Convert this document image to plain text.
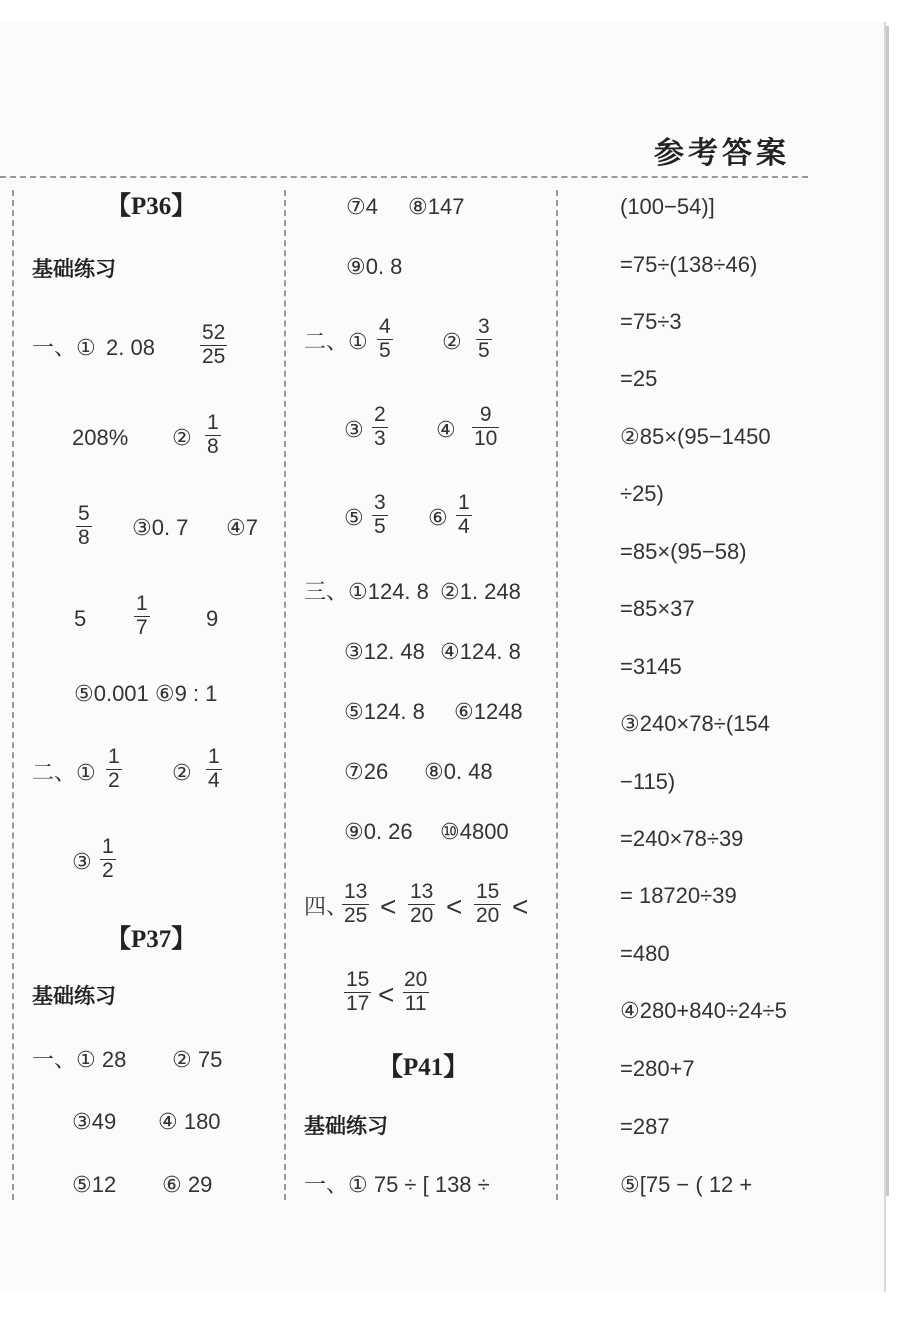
参考答案
【P36】
基础练习
一、① 2. $08 \frac{52}{25}$
208% ② $\frac{1}{8}$
$\frac{5}{8}$ ③0. 7 ④7
$5 \frac{1}{7}$	9
⑤0.001 ⑥9 : 1
二、① $\frac{1}{2}$ ② $\frac{1}{4}$
③ $\frac{1}{2}$
【P37】
基础练习
一、① 28 ② 75
③49 ④ 180
⑤12 ⑥ 29
⑦4 ⑧147
⑨0. 8
二、① $\frac{4}{5}$ ② $\frac{3}{5}$
③ $\frac{2}{3}$ ④ $\frac{9}{10}$
⑤ $\frac{3}{5}$ ⑥ $\frac{1}{4}$
三、①124. 8 ②1. 248
③12. 48 ④124. 8
⑤124. 8 ⑥1248
⑦26 ⑧0. 48
⑨0. 26 ⑩4800
四、
$\frac{13}{25} < \frac{13}{20} < \frac{15}{20}$ <
$\frac{15}{17} < \frac{20}{11}$
【P41】
基础练习
一、① 75 ÷ [ 138 ÷
(100−54)]
=75÷(138÷46)
=75÷3
=25
②85×(95−1450
÷25)
=85×(95−58)
=85×37
=3145
③240×78÷(154
−115)
=240×78÷39
= 18720÷39
=480
④280+840÷24÷5
=280+7
=287
⑤[75 − ( 12 +
